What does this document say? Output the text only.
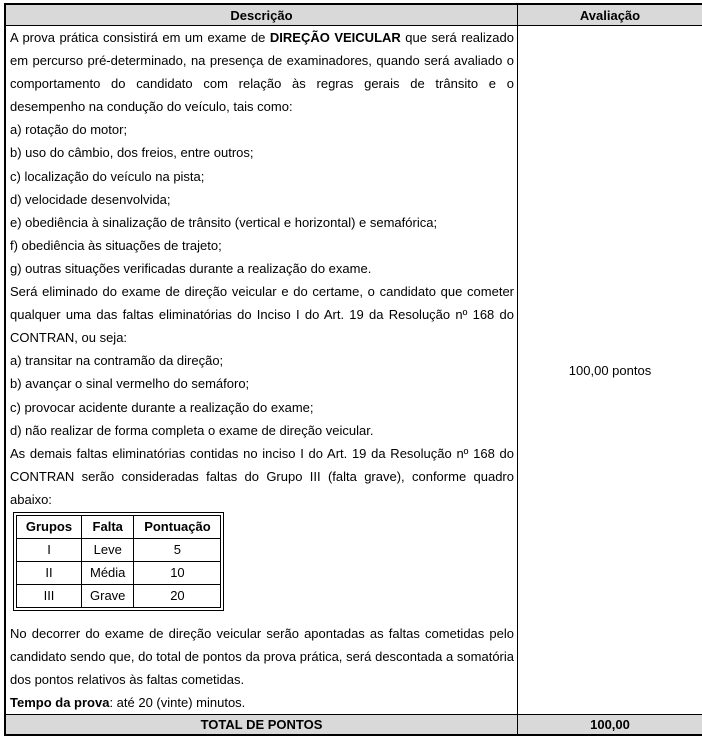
Descrição	Avaliação

A prova prática consistirá em um exame de DIREÇÃO VEICULAR que será realizado em percurso pré-determinado, na presença de examinadores, quando será avaliado o comportamento do candidato com relação às regras gerais de trânsito e o desempenho na condução do veículo, tais como:

a) rotação do motor;

b) uso do câmbio, dos freios, entre outros;

c) localização do veículo na pista;

d) velocidade desenvolvida;

e) obediência à sinalização de trânsito (vertical e horizontal) e semafórica;

f) obediência às situações de trajeto;

g) outras situações verificadas durante a realização do exame.

Será eliminado do exame de direção veicular e do certame, o candidato que cometer qualquer uma das faltas eliminatórias do Inciso I do Art. 19 da Resolução nº 168 do CONTRAN, ou seja:

a) transitar na contramão da direção;

b) avançar o sinal vermelho do semáforo;

c) provocar acidente durante a realização do exame;

d) não realizar de forma completa o exame de direção veicular.

As demais faltas eliminatórias contidas no inciso I do Art. 19 da Resolução nº 168 do CONTRAN serão consideradas faltas do Grupo III (falta grave), conforme quadro abaixo:

Grupos	Falta	Pontuação
I	Leve	5
II	Média	10
III	Grave	20

No decorrer do exame de direção veicular serão apontadas as faltas cometidas pelo candidato sendo que, do total de pontos da prova prática, será descontada a somatória dos pontos relativos às faltas cometidas.

Tempo da prova: até 20 (vinte) minutos.

	100,00 pontos
TOTAL DE PONTOS	100,00
